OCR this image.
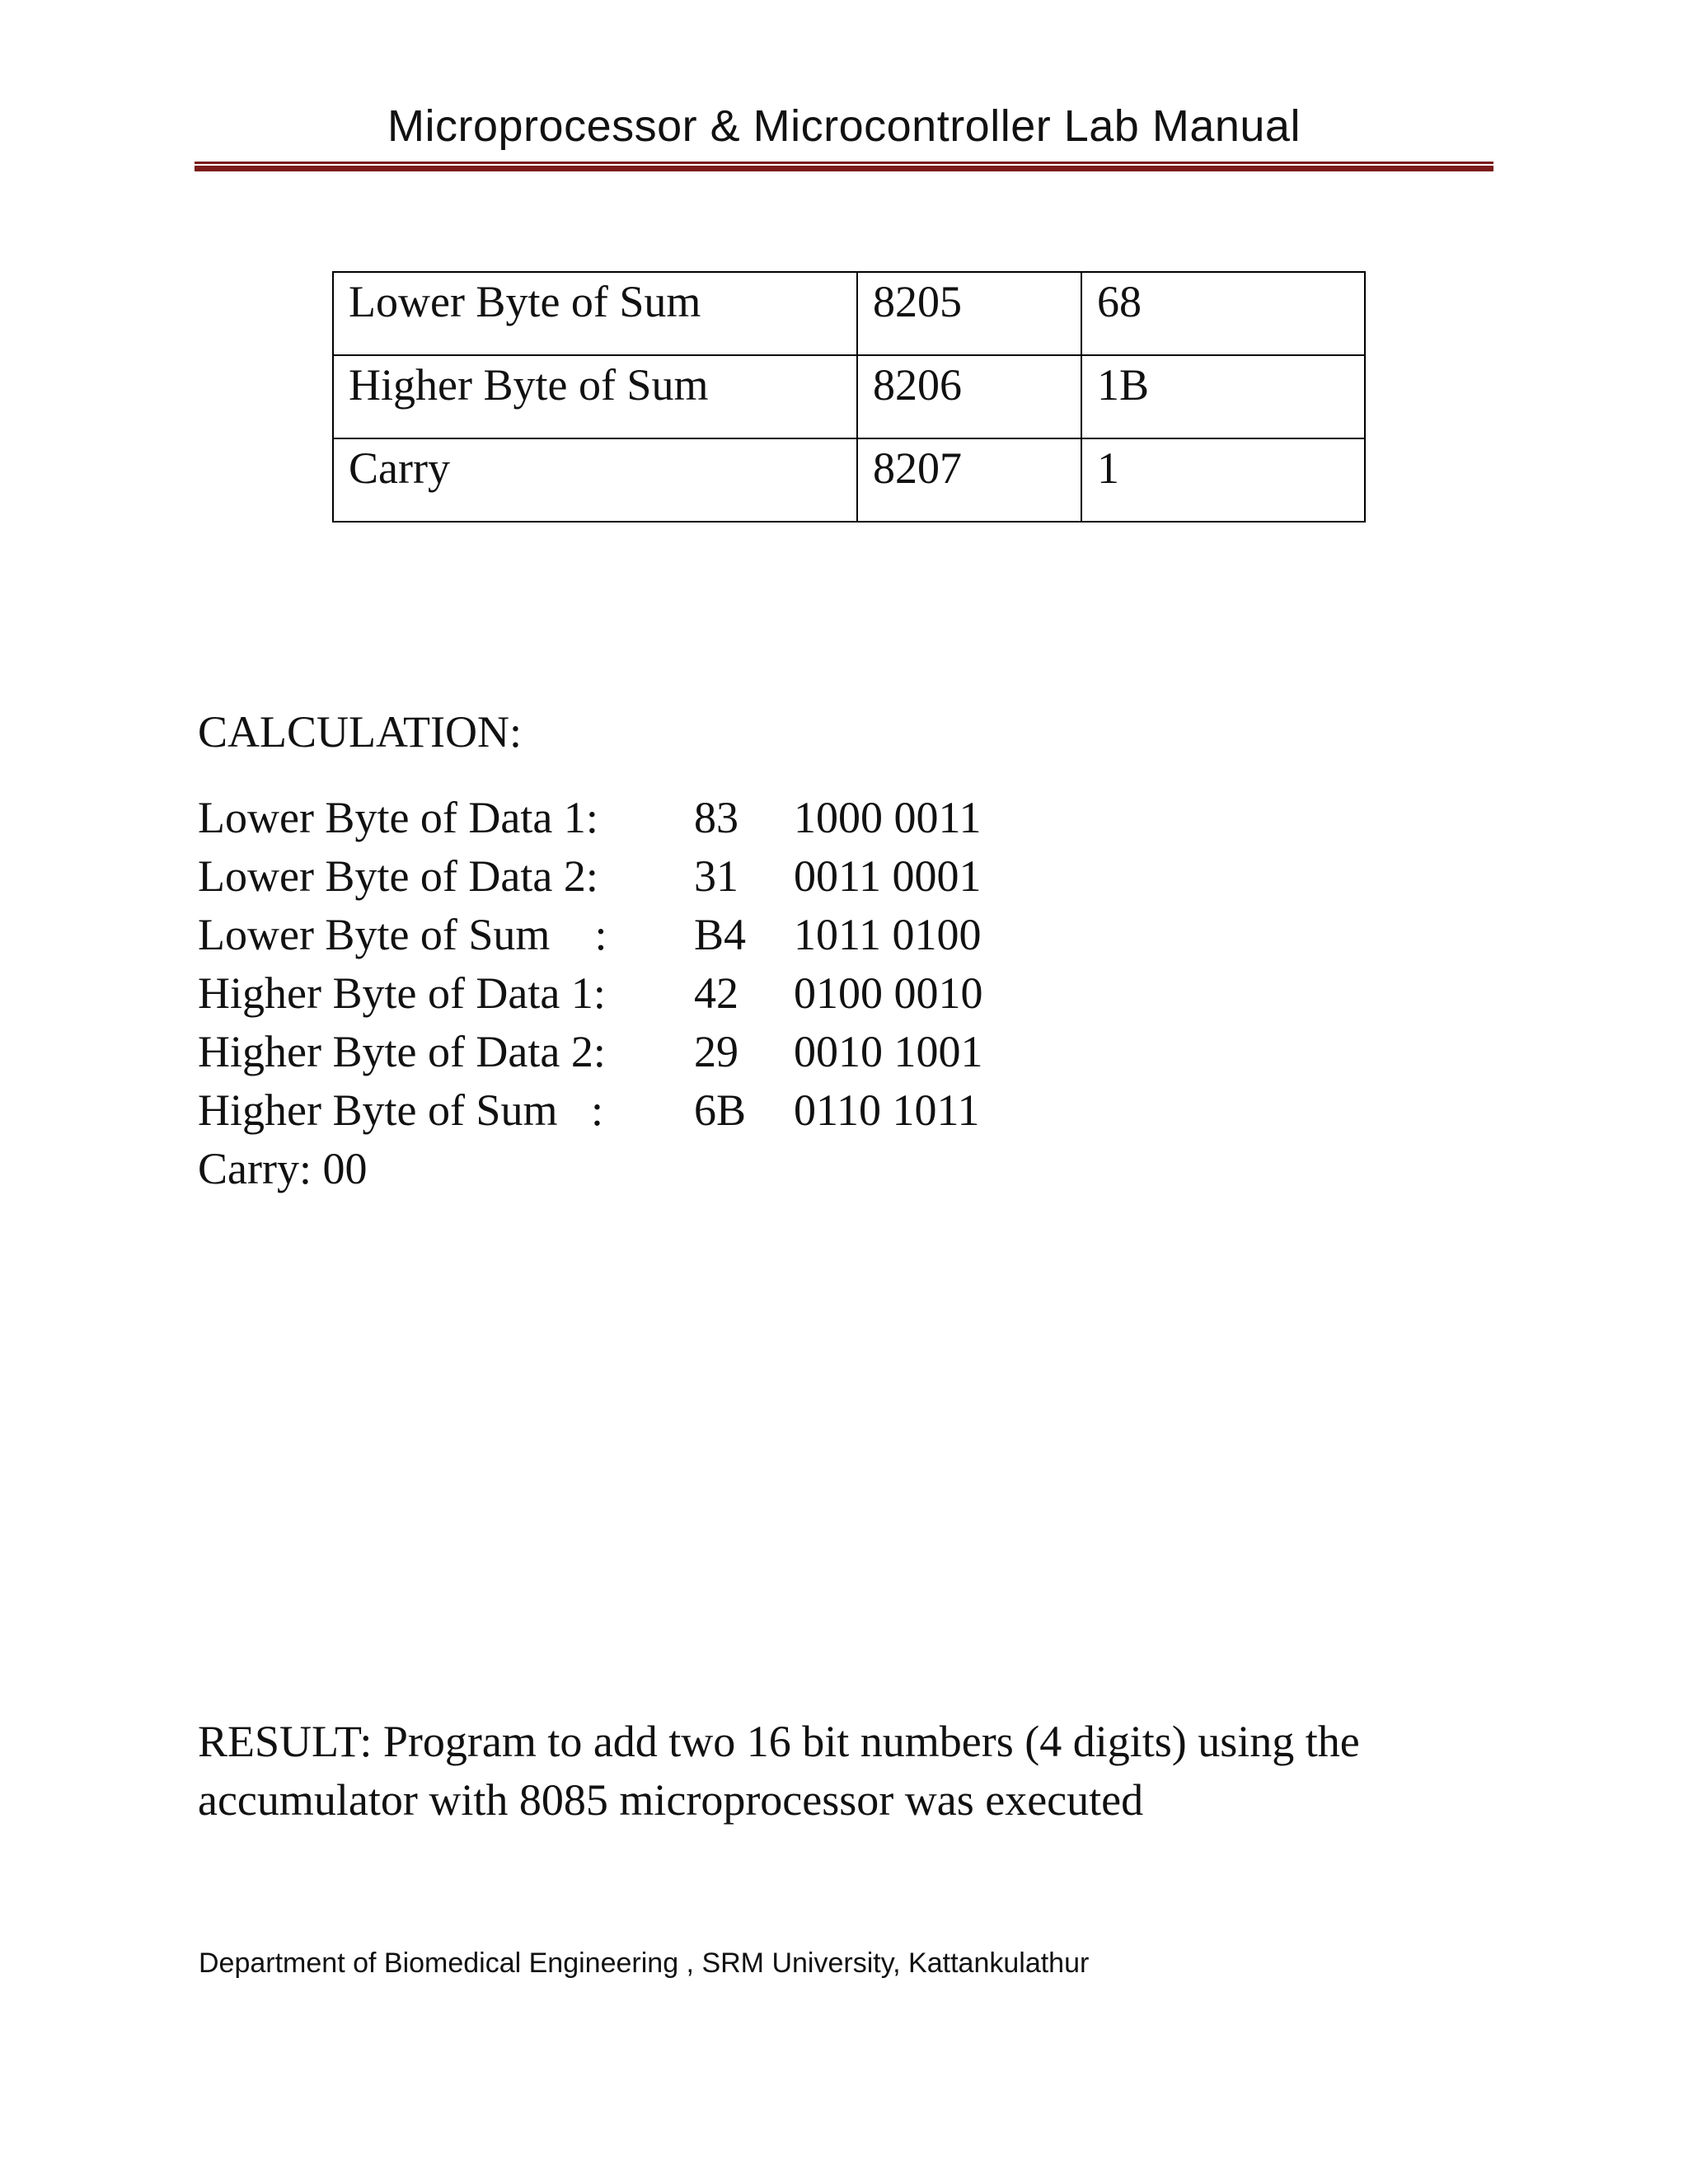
Microprocessor & Microcontroller Lab Manual
Lower Byte of Sum	8205	68
Higher Byte of Sum	8206	1B
Carry	8207	1
CALCULATION:
Lower Byte of Data 1: 83 1000 0011
Lower Byte of Data 2: 31 0011 0001
Lower Byte of Sum    : B4 1011 0100
Higher Byte of Data 1: 42 0100 0010
Higher Byte of Data 2: 29 0010 1001
Higher Byte of Sum   : 6B 0110 1011
Carry: 00
RESULT: Program to add two 16 bit numbers (4 digits) using the accumulator with 8085 microprocessor was executed
Department of Biomedical Engineering , SRM University, Kattankulathur
